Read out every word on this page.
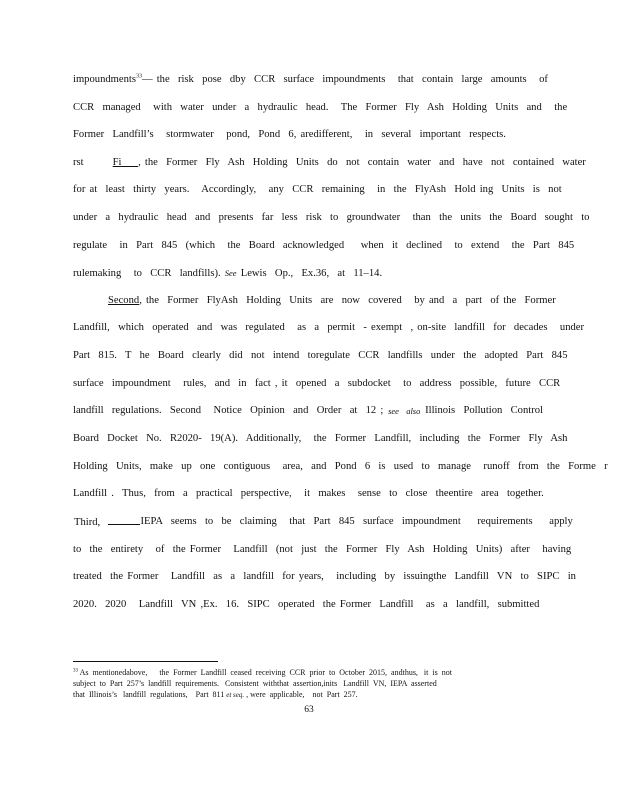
impoundments $^{33}$— the  risk  pose  dby  CCR  surface  impoundments   that  contain  large  amounts   of
CCR  managed   with  water  under  a  hydraulic  head.   The  Former  Fly  Ash  Holding  Units  and   the
Former  Landfill’s   stormwater   pond,  Pond  6, aredifferent,   in  several  important  respects.
rst	Fi	, the  Former  Fly  Ash  Holding  Units  do  not  contain  water  and  have  not  contained  water
for at  least  thirty  years.   Accordingly,   any  CCR  remaining   in  the  FlyAsh  Hold ing  Units  is  not
under  a  hydraulic  head  and  presents  far  less  risk  to  groundwater   than  the  units  the  Board  sought  to
regulate   in  Part  845  (which   the  Board  acknowledged    when  it  declined   to  extend   the  Part  845
rulemaking   to  CCR  landfills). See Lewis  Op.,  Ex.36,  at  11–14.
Second , the  Former  FlyAsh  Holding  Units  are  now  covered   by and  a  part  of the  Former
Landfill,  which  operated  and  was  regulated   as  a  permit  - exempt  , on-site  landfill  for  decades   under
Part  815.  T  he  Board  clearly  did  not  intend  toregulate  CCR  landfills  under  the  adopted  Part  845
surface  impoundment   rules,  and  in  fact , it  opened  a  subdocket   to  address  possible,  future  CCR
landfill  regulations.  Second   Notice  Opinion  and  Order  at  12 ; see  also Illinois  Pollution  Control
Board  Docket  No.  R2020-  19(A).  Additionally,   the  Former  Landfill,  including  the  Former  Fly  Ash
Holding  Units,  make  up  one  contiguous   area,  and  Pond  6  is  used  to  manage   runoff  from  the  Forme  r
Landfill .  Thus,  from  a  practical  perspective,   it  makes   sense  to  close  theentire  area  together.
Third,	IEPA  seems  to  be  claiming   that  Part  845  surface  impoundment    requirements    apply
to  the  entirety   of  the Former   Landfill  (not  just  the  Former  Fly  Ash  Holding  Units)  after   having
treated  the Former   Landfill  as  a  landfill  for years,   including  by  issuingthe  Landfill  VN  to  SIPC  in
2020.  2020   Landfill  VN ,Ex.  16.  SIPC  operated  the Former  Landfill   as  a  landfill,  submitted
$^{33}$ As  mentionedabove,      the  Former  Landfill  ceased  receiving  CCR  prior  to  October  2015,  andthus,   it  is  not
subject  to  Part  257’s  landfill  requirements.   Consistent  withthat  assertion,inits   Landfill  VN,  IEPA  asserted
that  Illinois’s   landfill  regulations,    Part  811 et seq. , were  applicable,    not  Part  257.
63
